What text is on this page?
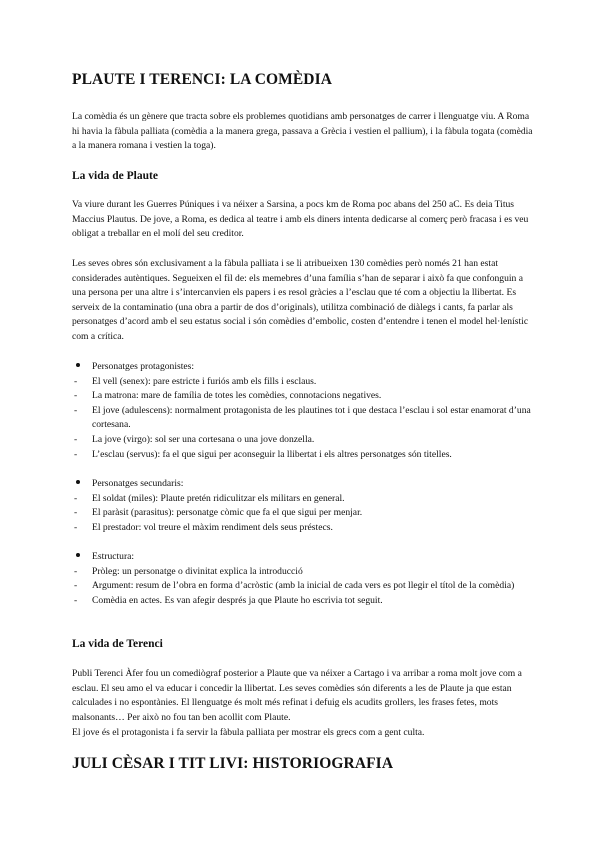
PLAUTE I TERENCI: LA COMÈDIA

La comèdia és un gènere que tracta sobre els problemes quotidians amb personatges de carrer i llenguatge viu. A Roma hi havia la fàbula palliata (comèdia a la manera grega, passava a Grècia i vestien el pallium), i la fàbula togata (comèdia a la manera romana i vestien la toga).

La vida de Plaute

Va viure durant les Guerres Púniques i va néixer a Sarsina, a pocs km de Roma poc abans del 250 aC. Es deia Titus Maccius Plautus. De jove, a Roma, es dedica al teatre i amb els diners intenta dedicarse al comerç però fracasa i es veu obligat a treballar en el molí del seu creditor.

Les seves obres són exclusivament a la fàbula palliata i se li atribueixen 130 comèdies però només 21 han estat considerades autèntiques. Segueixen el fil de: els memebres d’una família s’han de separar i això fa que confonguin a una persona per una altre i s’intercanvien els papers i es resol gràcies a l’esclau que té com a objectiu la llibertat. Es serveix de la contaminatio (una obra a partir de dos d’originals), utilitza combinació de diàlegs i cants, fa parlar als personatges d’acord amb el seu estatus social i són comèdies d’embolic, costen d’entendre i tenen el model hel·lenístic com a crítica.

Personatges protagonistes:
-	El vell (senex): pare estricte i furiós amb els fills i esclaus.
-	La matrona: mare de família de totes les comèdies, connotacions negatives.
-	El jove (adulescens): normalment protagonista de les plautines tot i que destaca l’esclau i sol estar enamorat d’una cortesana.
-	La jove (virgo): sol ser una cortesana o una jove donzella.
-	L’esclau (servus): fa el que sigui per aconseguir la llibertat i els altres personatges són titelles.
Personatges secundaris:
-	El soldat (miles): Plaute pretén ridiculitzar els militars en general.
-	El paràsit (parasitus): personatge còmic que fa el que sigui per menjar.
-	El prestador: vol treure el màxim rendiment dels seus préstecs.
Estructura:
-	Pròleg: un personatge o divinitat explica la introducció
-	Argument: resum de l’obra en forma d’acròstic (amb la inicial de cada vers es pot llegir el títol de la comèdia)
-	Comèdia en actes. Es van afegir després ja que Plaute ho escrivia tot seguit.
La vida de Terenci

Publi Terenci Àfer fou un comediògraf posterior a Plaute que va néixer a Cartago i va arribar a roma molt jove com a esclau. El seu amo el va educar i concedir la llibertat. Les seves comèdies són diferents a les de Plaute ja que estan calculades i no espontànies. El llenguatge és molt més refinat i defuig els acudits grollers, les frases fetes, mots malsonants… Per això no fou tan ben acollit com Plaute.

El jove és el protagonista i fa servir la fàbula palliata per mostrar els grecs com a gent culta.

JULI CÈSAR I TIT LIVI: HISTORIOGRAFIA
